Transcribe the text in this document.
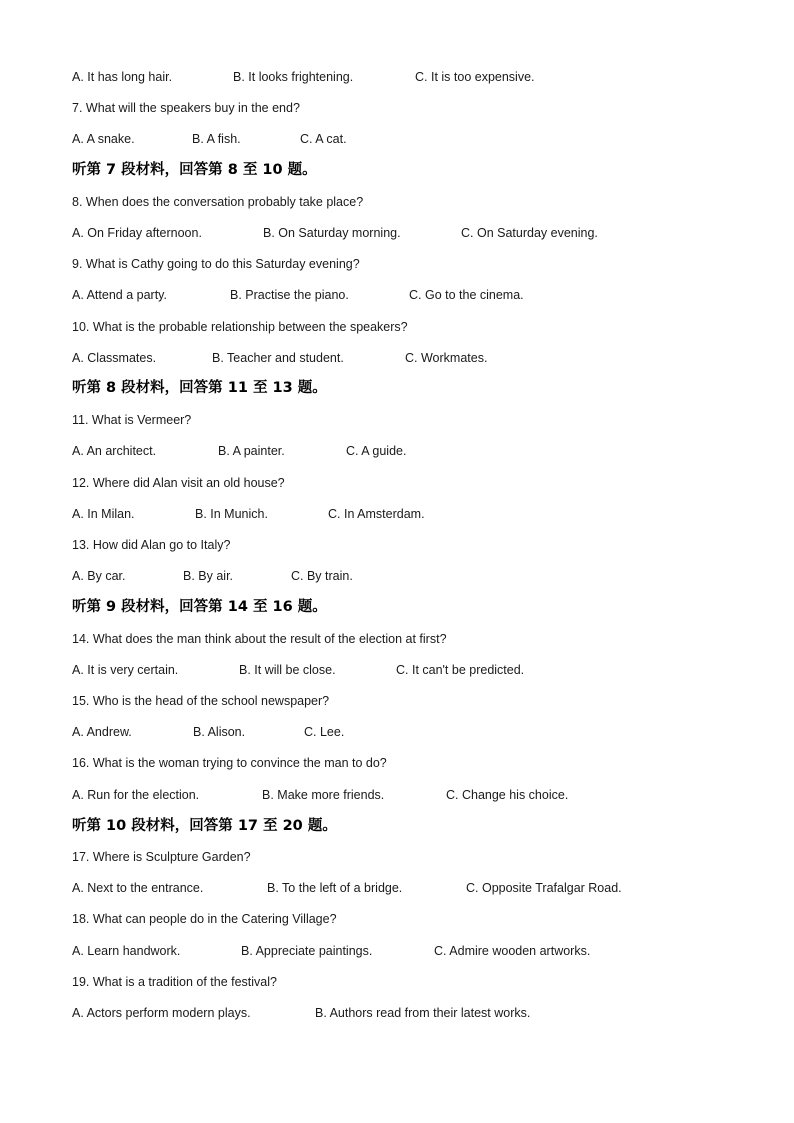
A. It has long hair.	B. It looks frightening.	C. It is too expensive.
7. What will the speakers buy in the end?
A. A snake.	B. A fish.	C. A cat.
听第 7 段材料，回答第 8 至 10 题。
8. When does the conversation probably take place?
A. On Friday afternoon.	B. On Saturday morning.	C. On Saturday evening.
9. What is Cathy going to do this Saturday evening?
A. Attend a party.	B. Practise the piano.	C. Go to the cinema.
10. What is the probable relationship between the speakers?
A. Classmates.	B. Teacher and student.	C. Workmates.
听第 8 段材料，回答第 11 至 13 题。
11. What is Vermeer?
A. An architect.	B. A painter.	C. A guide.
12. Where did Alan visit an old house?
A. In Milan.	B. In Munich.	C. In Amsterdam.
13. How did Alan go to Italy?
A. By car.	B. By air.	C. By train.
听第 9 段材料，回答第 14 至 16 题。
14. What does the man think about the result of the election at first?
A. It is very certain.	B. It will be close.	C. It can't be predicted.
15. Who is the head of the school newspaper?
A. Andrew.	B. Alison.	C. Lee.
16. What is the woman trying to convince the man to do?
A. Run for the election.	B. Make more friends.	C. Change his choice.
听第 10 段材料，回答第 17 至 20 题。
17. Where is Sculpture Garden?
A. Next to the entrance.	B. To the left of a bridge.	C. Opposite Trafalgar Road.
18. What can people do in the Catering Village?
A. Learn handwork.	B. Appreciate paintings.	C. Admire wooden artworks.
19. What is a tradition of the festival?
A. Actors perform modern plays.	B. Authors read from their latest works.
